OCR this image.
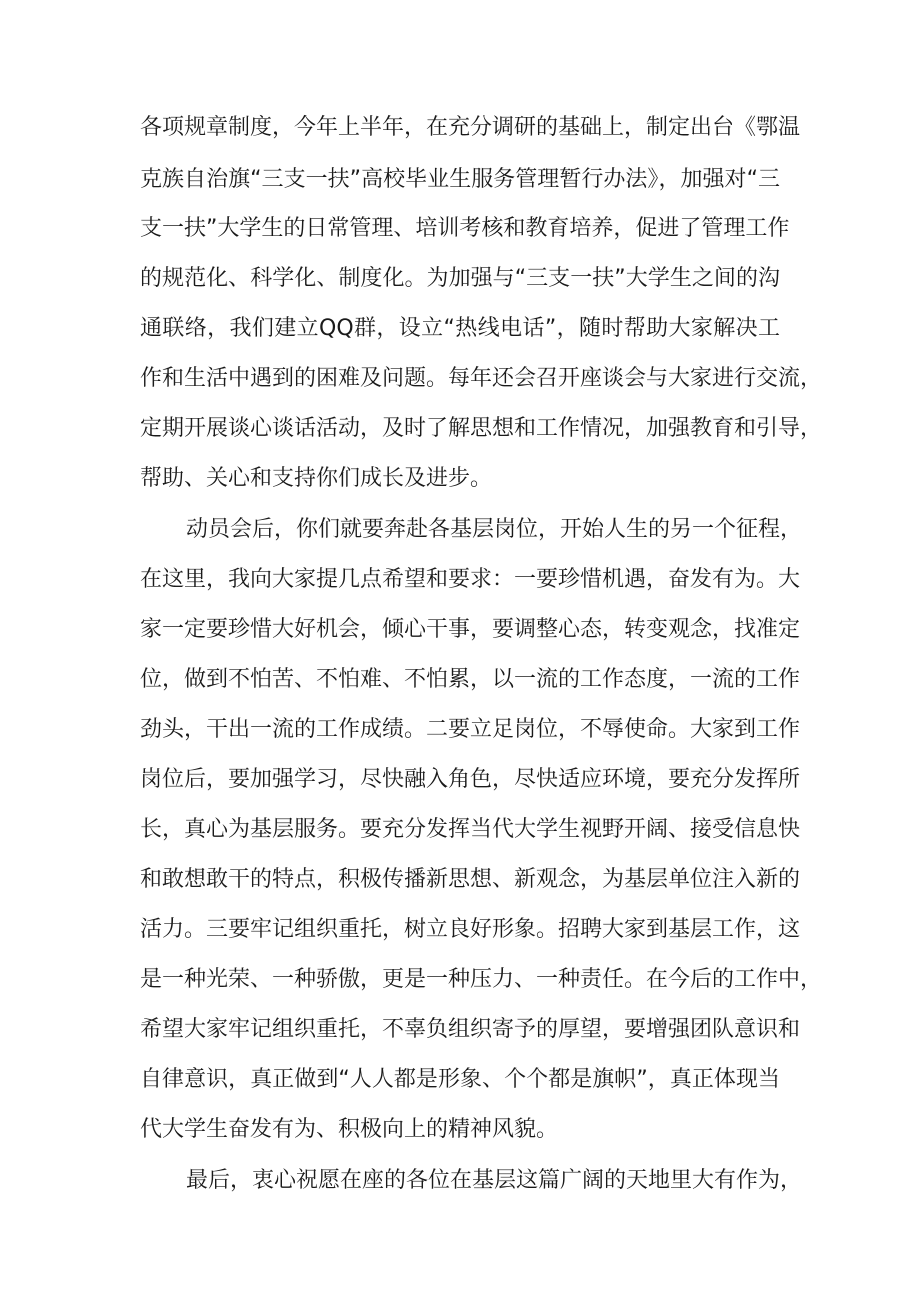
各项规章制度，今年上半年，在充分调研的基础上，制定出台《鄂温
克族自治旗“三支一扶”高校毕业生服务管理暂行办法》，加强对“三
支一扶”大学生的日常管理、培训考核和教育培养，促进了管理工作
的规范化、科学化、制度化。为加强与“三支一扶”大学生之间的沟
通联络，我们建立QQ群，设立“热线电话”，随时帮助大家解决工
作和生活中遇到的困难及问题。每年还会召开座谈会与大家进行交流，
定期开展谈心谈话活动，及时了解思想和工作情况，加强教育和引导，
帮助、关心和支持你们成长及进步。
动员会后，你们就要奔赴各基层岗位，开始人生的另一个征程，
在这里，我向大家提几点希望和要求：一要珍惜机遇，奋发有为。大
家一定要珍惜大好机会，倾心干事，要调整心态，转变观念，找准定
位，做到不怕苦、不怕难、不怕累，以一流的工作态度，一流的工作
劲头，干出一流的工作成绩。二要立足岗位，不辱使命。大家到工作
岗位后，要加强学习，尽快融入角色，尽快适应环境，要充分发挥所
长，真心为基层服务。要充分发挥当代大学生视野开阔、接受信息快
和敢想敢干的特点，积极传播新思想、新观念，为基层单位注入新的
活力。三要牢记组织重托，树立良好形象。招聘大家到基层工作，这
是一种光荣、一种骄傲，更是一种压力、一种责任。在今后的工作中，
希望大家牢记组织重托，不辜负组织寄予的厚望，要增强团队意识和
自律意识，真正做到“人人都是形象、个个都是旗帜”，真正体现当
代大学生奋发有为、积极向上的精神风貌。
最后，衷心祝愿在座的各位在基层这篇广阔的天地里大有作为，
